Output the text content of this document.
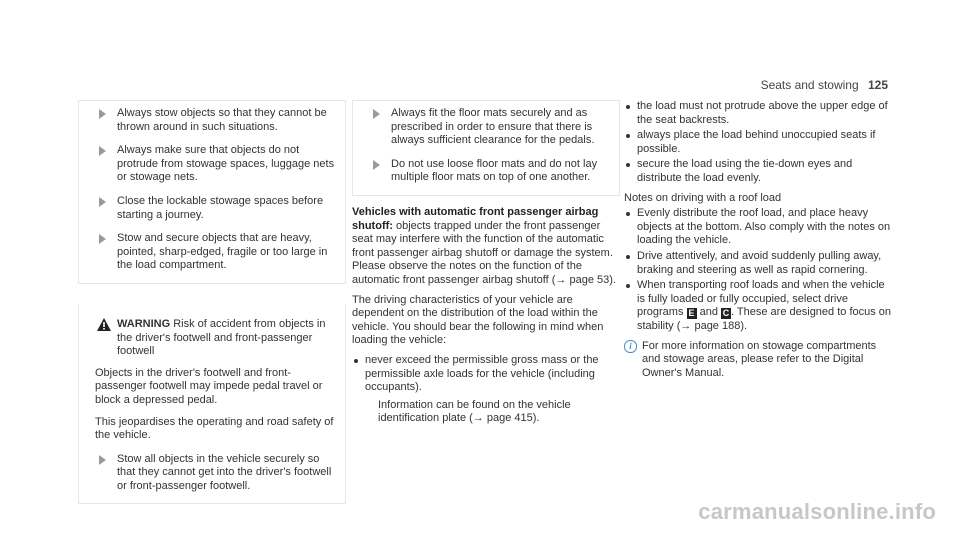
Seats and stowing 125
Always stow objects so that they cannot be thrown around in such situations.
Always make sure that objects do not protrude from stowage spaces, luggage nets or stowage nets.
Close the lockable stowage spaces before starting a journey.
Stow and secure objects that are heavy, pointed, sharp-edged, fragile or too large in the load compartment.
WARNING Risk of accident from objects in the driver's footwell and front-passenger footwell

Objects in the driver's footwell and front-passenger footwell may impede pedal travel or block a depressed pedal.

This jeopardises the operating and road safety of the vehicle.

Stow all objects in the vehicle securely so that they cannot get into the driver's footwell or front-passenger footwell.
Always fit the floor mats securely and as prescribed in order to ensure that there is always sufficient clearance for the pedals.
Do not use loose floor mats and do not lay multiple floor mats on top of one another.

Vehicles with automatic front passenger airbag shutoff: objects trapped under the front passenger seat may interfere with the function of the automatic front passenger airbag shutoff or damage the system. Please observe the notes on the function of the automatic front passenger airbag shutoff (→ page 53).

The driving characteristics of your vehicle are dependent on the distribution of the load within the vehicle. You should bear the following in mind when loading the vehicle:

never exceed the permissible gross mass or the permissible axle loads for the vehicle (including occupants).
Information can be found on the vehicle identification plate (→ page 415).
the load must not protrude above the upper edge of the seat backrests.
always place the load behind unoccupied seats if possible.
secure the load using the tie-down eyes and distribute the load evenly.

Notes on driving with a roof load

Evenly distribute the roof load, and place heavy objects at the bottom. Also comply with the notes on loading the vehicle.
Drive attentively, and avoid suddenly pulling away, braking and steering as well as rapid cornering.
When transporting roof loads and when the vehicle is fully loaded or fully occupied, select drive programs E and C . These are designed to focus on stability (→ page 188).
i For more information on stowage compartments and stowage areas, please refer to the Digital Owner's Manual.
carmanualsonline.info
